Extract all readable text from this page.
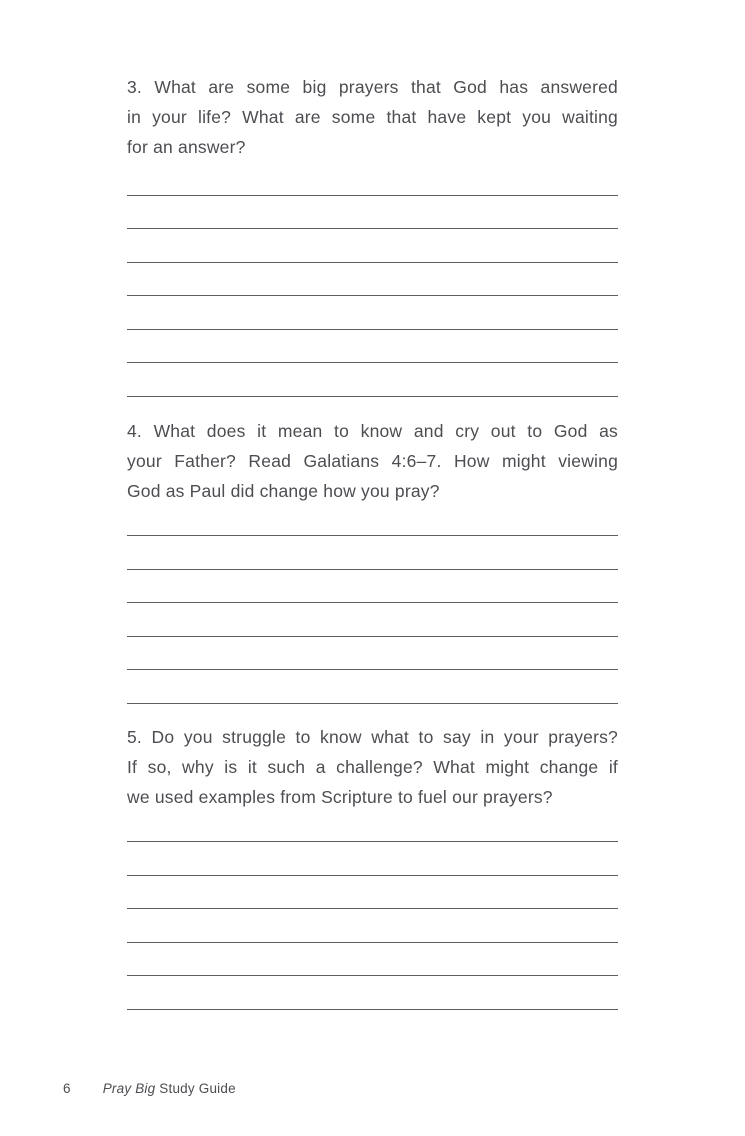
3. What are some big prayers that God has answered
in your life? What are some that have kept you waiting
for an answer?
4. What does it mean to know and cry out to God as
your Father? Read Galatians 4:6–7. How might viewing
God as Paul did change how you pray?
5. Do you struggle to know what to say in your prayers?
If so, why is it such a challenge? What might change if
we used examples from Scripture to fuel our prayers?
6 Pray Big Study Guide
